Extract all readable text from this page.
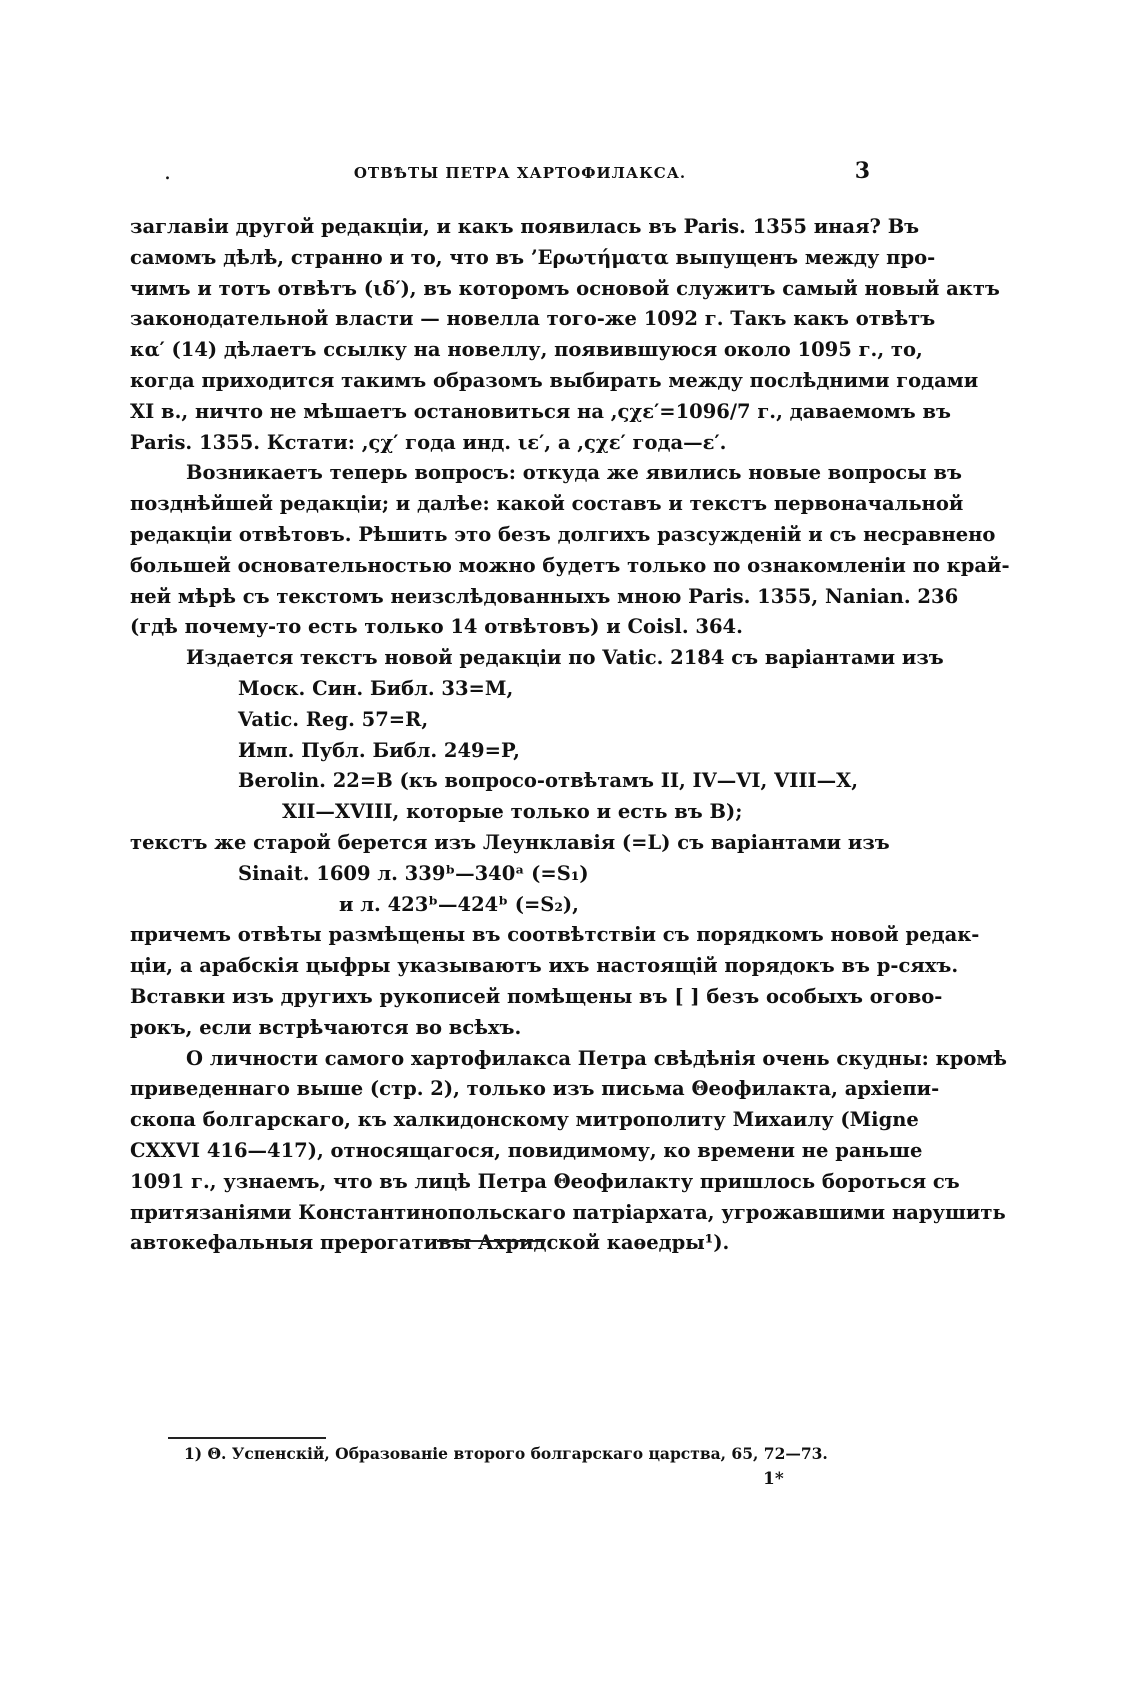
.	ОТВѢТЫ ПЕТРА ХАРТОФИЛАКСА.	3
заглавіи другой редакціи, и какъ появилась въ Paris. 1355 иная? Въ
самомъ дѣлѣ, странно и то, что въ ’Ερωτήματα выпущенъ между про-
чимъ и тотъ отвѣтъ (ιδ′), въ которомъ основой служитъ самый новый актъ
законодательной власти — новелла того-же 1092 г. Такъ какъ отвѣтъ
κα′ (14) дѣлаетъ ссылку на новеллу, появившуюся около 1095 г., то,
когда приходится такимъ образомъ выбирать между послѣдними годами
XI в., ничто не мѣшаетъ остановиться на ,ςχε′=1096/7 г., даваемомъ въ
Paris. 1355. Кстати: ,ςχ′ года инд. ιε′, а ,ςχε′ года—ε′.
Возникаетъ теперь вопросъ: откуда же явились новые вопросы въ
позднѣйшей редакціи; и далѣе: какой составъ и текстъ первоначальной
редакціи отвѣтовъ. Рѣшить это безъ долгихъ разсужденій и съ несравнено
большей основательностью можно будетъ только по ознакомленіи по край-
ней мѣрѣ съ текстомъ неизслѣдованныхъ мною Paris. 1355, Nanian. 236
(гдѣ почему-то есть только 14 отвѣтовъ) и Coisl. 364.
Издается текстъ новой редакціи по Vatic. 2184 съ варіантами изъ
Моск. Син. Библ. 33=M,
Vatic. Reg. 57=R,
Имп. Публ. Библ. 249=P,
Berolin. 22=B (къ вопросо-отвѣтамъ II, IV—VI, VIII—X,
XII—XVIII, которые только и есть въ B);
текстъ же старой берется изъ Леунклавія (=L) съ варіантами изъ
Sinait. 1609 л. 339ᵇ—340ᵃ (=S₁)
и л. 423ᵇ—424ᵇ (=S₂),
причемъ отвѣты размѣщены въ соотвѣтствіи съ порядкомъ новой редак-
ціи, а арабскія цыфры указываютъ ихъ настоящій порядокъ въ р-сяхъ.
Вставки изъ другихъ рукописей помѣщены въ [ ] безъ особыхъ огово-
рокъ, если встрѣчаются во всѣхъ.
О личности самого хартофилакса Петра свѣдѣнія очень скудны: кромѣ
приведеннаго выше (стр. 2), только изъ письма Θеофилакта, архіепи-
скопа болгарскаго, къ халкидонскому митрополиту Михаилу (Migne
CXXVI 416—417), относящагося, повидимому, ко времени не раньше
1091 г., узнаемъ, что въ лицѣ Петра Θеофилакту пришлось бороться съ
притязаніями Константинопольскаго патріархата, угрожавшими нарушить
автокефальныя прерогативы Ахридской каѳедры¹).
1) Θ. Успенскій, Образованіе второго болгарскаго царства, 65, 72—73.
1*
